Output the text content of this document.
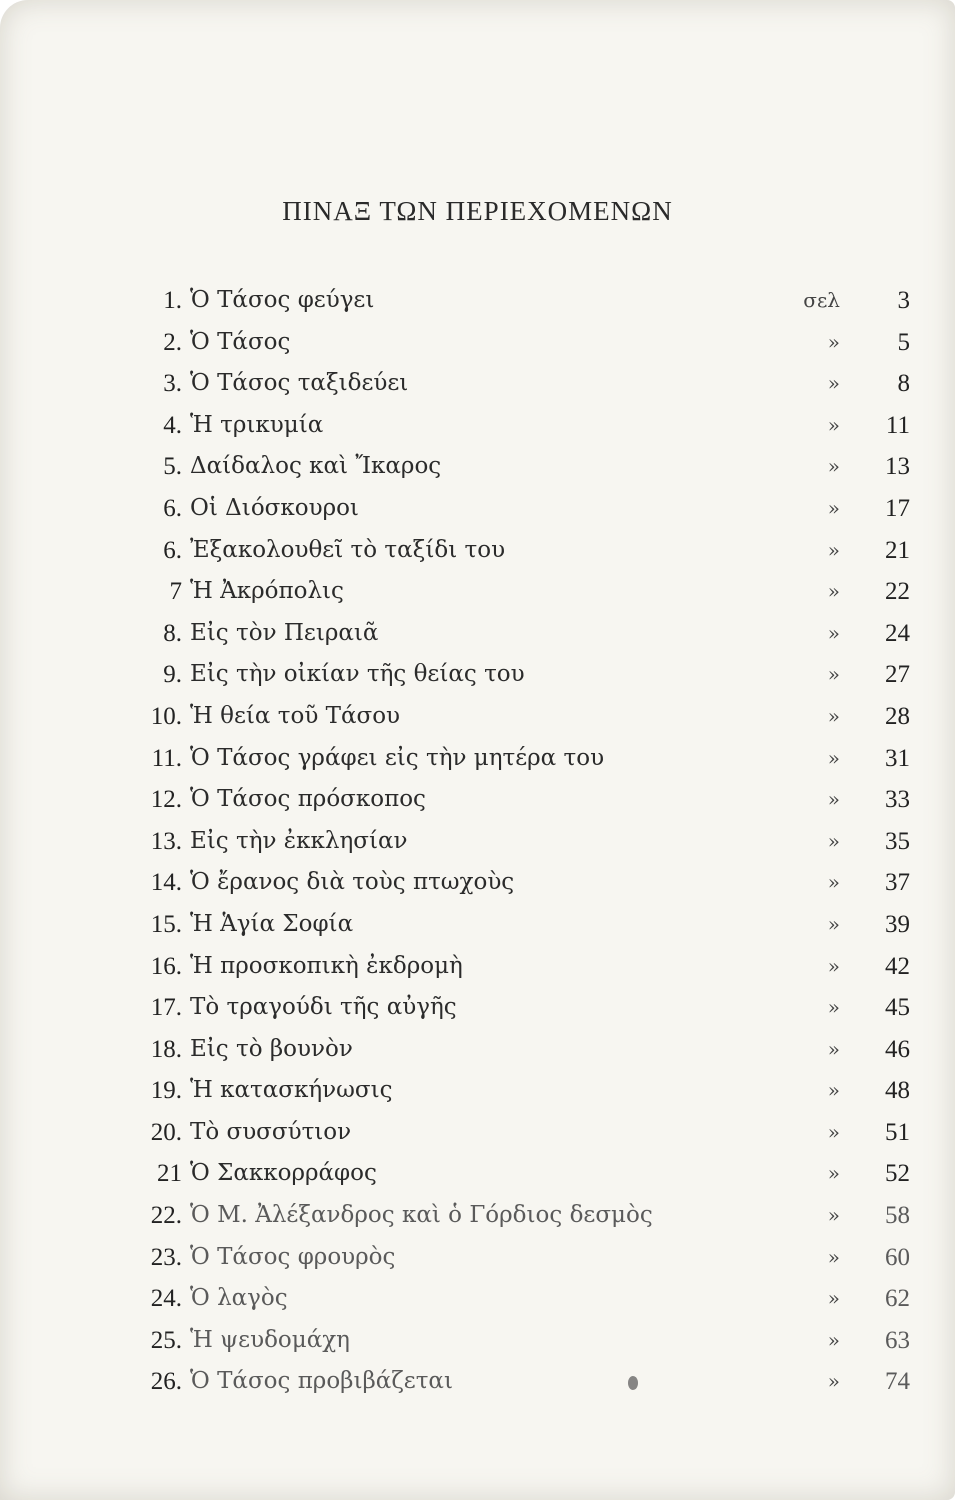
ΠΙΝΑΞ ΤΩΝ ΠΕΡΙΕΧΟΜΕΝΩΝ
1. Ὁ Τάσος φεύγει	σελ	3
2. Ὁ Τάσος	»	5
3. Ὁ Τάσος ταξιδεύει	»	8
4. Ἡ τρικυμία	»	11
5. Δαίδαλος καὶ Ἴκαρος	»	13
6. Οἱ Διόσκουροι	»	17
6. Ἐξακολουθεῖ τὸ ταξίδι του	»	21
7 Ἡ Ἀκρόπολις	»	22
8. Εἰς τὸν Πειραιᾶ	»	24
9. Εἰς τὴν οἰκίαν τῆς θείας του	»	27
10. Ἡ θεία τοῦ Τάσου	»	28
11. Ὁ Τάσος γράφει εἰς τὴν μητέρα του	»	31
12. Ὁ Τάσος πρόσκοπος	»	33
13. Εἰς τὴν ἐκκλησίαν	»	35
14. Ὁ ἔρανος διὰ τοὺς πτωχοὺς	»	37
15. Ἡ Ἁγία Σοφία	»	39
16. Ἡ προσκοπικὴ ἐκδρομὴ	»	42
17. Τὸ τραγούδι τῆς αὐγῆς	»	45
18. Εἰς τὸ βουνὸν	»	46
19. Ἡ κατασκήνωσις	»	48
20. Τὸ συσσύτιον	»	51
21 Ὁ Σακκορράφος	»	52
22. Ὁ Μ. Ἀλέξανδρος καὶ ὁ Γόρδιος δεσμὸς	»	58
23. Ὁ Τάσος φρουρὸς	»	60
24. Ὁ λαγὸς	»	62
25. Ἡ ψευδομάχη	»	63
26. Ὁ Τάσος προβιβάζεται	»	74
